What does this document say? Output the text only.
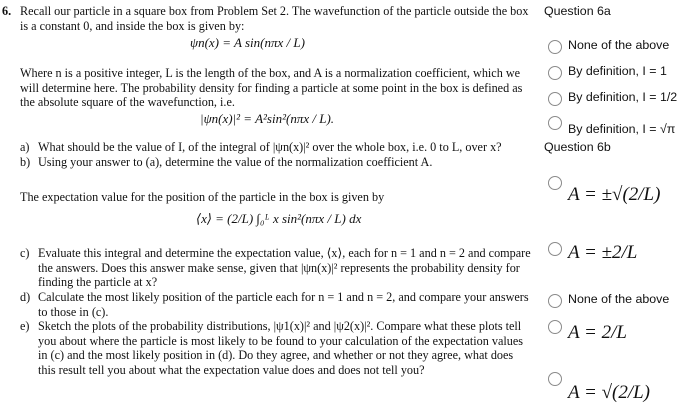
6. Recall our particle in a square box from Problem Set 2. The wavefunction of the particle outside the box is a constant 0, and inside the box is given by:
ψn(x) = A sin(nπx / L)
Where n is a positive integer, L is the length of the box, and A is a normalization coefficient, which we will determine here. The probability density for finding a particle at some point in the box is defined as the absolute square of the wavefunction, i.e.
|ψn(x)|² = A²sin²(nπx / L).
a) What should be the value of I, of the integral of |ψn(x)|² over the whole box, i.e. 0 to L, over x?
b) Using your answer to (a), determine the value of the normalization coefficient A.
The expectation value for the position of the particle in the box is given by
⟨x⟩ = (2/L) ∫₀ᴸ x sin²(nπx / L) dx
c) Evaluate this integral and determine the expectation value, ⟨x⟩, each for n = 1 and n = 2 and compare the answers. Does this answer make sense, given that |ψn(x)|² represents the probability density for finding the particle at x?
d) Calculate the most likely position of the particle each for n = 1 and n = 2, and compare your answers to those in (c).
e) Sketch the plots of the probability distributions, |ψ1(x)|² and |ψ2(x)|². Compare what these plots tell you about where the particle is most likely to be found to your calculation of the expectation values in (c) and the most likely position in (d). Do they agree, and whether or not they agree, what does this result tell you about what the expectation value does and does not tell you?
Question 6a
None of the above
By definition, I = 1
By definition, I = 1/2
By definition, I = √π
Question 6b
A = ±√(2/L)
A = ±2/L
None of the above
A = 2/L
A = √(2/L)
